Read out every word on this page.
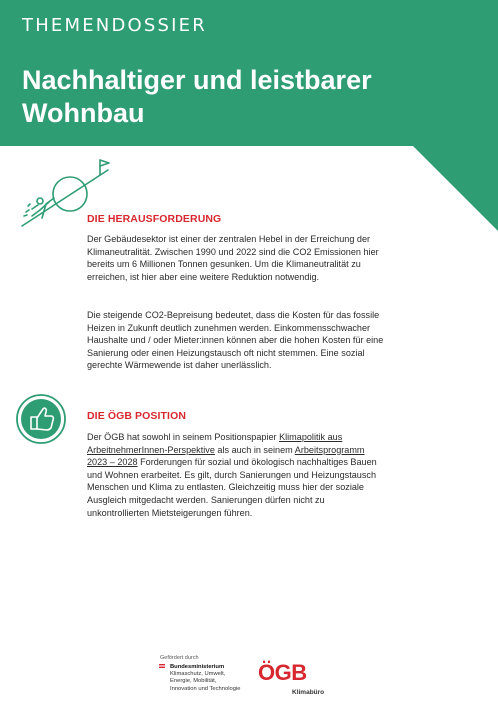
THEMENDOSSIER
Nachhaltiger und leistbarer Wohnbau
DIE HERAUSFORDERUNG
Der Gebäudesektor ist einer der zentralen Hebel in der Erreichung der Klimaneutralität. Zwischen 1990 und 2022 sind die CO2 Emissionen hier bereits um 6 Millionen Tonnen gesunken. Um die Klimaneutralität zu erreichen, ist hier aber eine weitere Reduktion notwendig.
Die steigende CO2-Bepreisung bedeutet, dass die Kosten für das fossile Heizen in Zukunft deutlich zunehmen werden. Einkommensschwacher Haushalte und / oder Mieter:innen können aber die hohen Kosten für eine Sanierung oder einen Heizungstausch oft nicht stemmen. Eine sozial gerechte Wärmewende ist daher unerlässlich.
DIE ÖGB POSITION
Der ÖGB hat sowohl in seinem Positionspapier Klimapolitik aus ArbeitnehmerInnen-Perspektive als auch in seinem Arbeitsprogramm 2023 – 2028 Forderungen für sozial und ökologisch nachhaltiges Bauen und Wohnen erarbeitet. Es gilt, durch Sanierungen und Heizungstausch Menschen und Klima zu entlasten. Gleichzeitig muss hier der soziale Ausgleich mitgedacht werden. Sanierungen dürfen nicht zu unkontrollierten Mietsteigerungen führen.
Gefördert durch
Bundesministerium
Klimaschutz, Umwelt,
Energie, Mobilität,
Innovation und Technologie
ÖGB
Klimabüro
